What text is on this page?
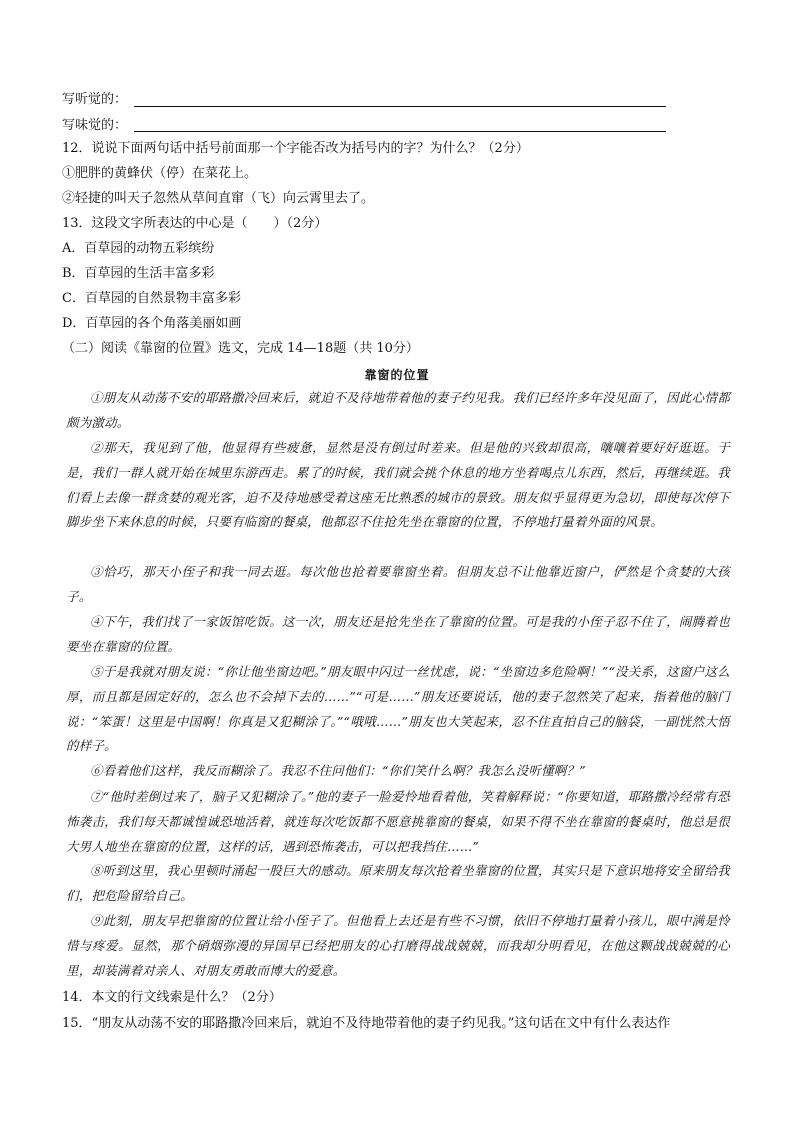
写听觉的：
写味觉的：
12．说说下面两句话中括号前面那一个字能否改为括号内的字？为什么？（2分）
①肥胖的黄蜂伏（停）在菜花上。
②轻捷的叫天子忽然从草间直窜（飞）向云霄里去了。
13．这段文字所表达的中心是（　　）（2分）
A．百草园的动物五彩缤纷
B．百草园的生活丰富多彩
C．百草园的自然景物丰富多彩
D．百草园的各个角落美丽如画
（二）阅读《靠窗的位置》选文，完成 14—18题（共 10分）
靠窗的位置
①朋友从动荡不安的耶路撒冷回来后，就迫不及待地带着他的妻子约见我。我们已经许多年没见面了，因此心情都颇为激动。
②那天，我见到了他，他显得有些疲惫，显然是没有倒过时差来。但是他的兴致却很高，嚷嚷着要好好逛逛。于是，我们一群人就开始在城里东游西走。累了的时候，我们就会挑个休息的地方坐着喝点儿东西，然后，再继续逛。我们看上去像一群贪婪的观光客，迫不及待地感受着这座无比熟悉的城市的景致。朋友似乎显得更为急切，即使每次停下脚步坐下来休息的时候，只要有临窗的餐桌，他都忍不住抢先坐在靠窗的位置，不停地打量着外面的风景。
③恰巧，那天小侄子和我一同去逛。每次他也抢着要靠窗坐着。但朋友总不让他靠近窗户，俨然是个贪婪的大孩子。
④下午，我们找了一家饭馆吃饭。这一次，朋友还是抢先坐在了靠窗的位置。可是我的小侄子忍不住了，闹腾着也要坐在靠窗的位置。
⑤于是我就对朋友说：“你让他坐窗边吧。”朋友眼中闪过一丝忧虑，说：“坐窗边多危险啊！”“没关系，这窗户这么厚，而且都是固定好的，怎么也不会掉下去的……”“可是……”朋友还要说话，他的妻子忽然笑了起来，指着他的脑门说：“笨蛋！这里是中国啊！你真是又犯糊涂了。”“哦哦……”朋友也大笑起来，忍不住直拍自己的脑袋，一副恍然大悟的样子。
⑥看着他们这样，我反而糊涂了。我忍不住问他们：“你们笑什么啊？我怎么没听懂啊？”
⑦“他时差倒过来了，脑子又犯糊涂了。”他的妻子一脸爱怜地看着他，笑着解释说：“你要知道，耶路撒冷经常有恐怖袭击，我们每天都诚惶诚恐地活着，就连每次吃饭都不愿意挑靠窗的餐桌，如果不得不坐在靠窗的餐桌时，他总是很大男人地坐在靠窗的位置，这样的话，遇到恐怖袭击，可以把我挡住……”
⑧听到这里，我心里顿时涌起一股巨大的感动。原来朋友每次抢着坐靠窗的位置，其实只是下意识地将安全留给我们，把危险留给自己。
⑨此刻，朋友早把靠窗的位置让给小侄子了。但他看上去还是有些不习惯，依旧不停地打量着小孩儿，眼中满是怜惜与疼爱。显然，那个硝烟弥漫的异国早已经把朋友的心打磨得战战兢兢，而我却分明看见，在他这颗战战兢兢的心里，却装满着对亲人、对朋友勇敢而博大的爱意。
14．本文的行文线索是什么？（2分）
15．“朋友从动荡不安的耶路撒冷回来后，就迫不及待地带着他的妻子约见我。”这句话在文中有什么表达作
